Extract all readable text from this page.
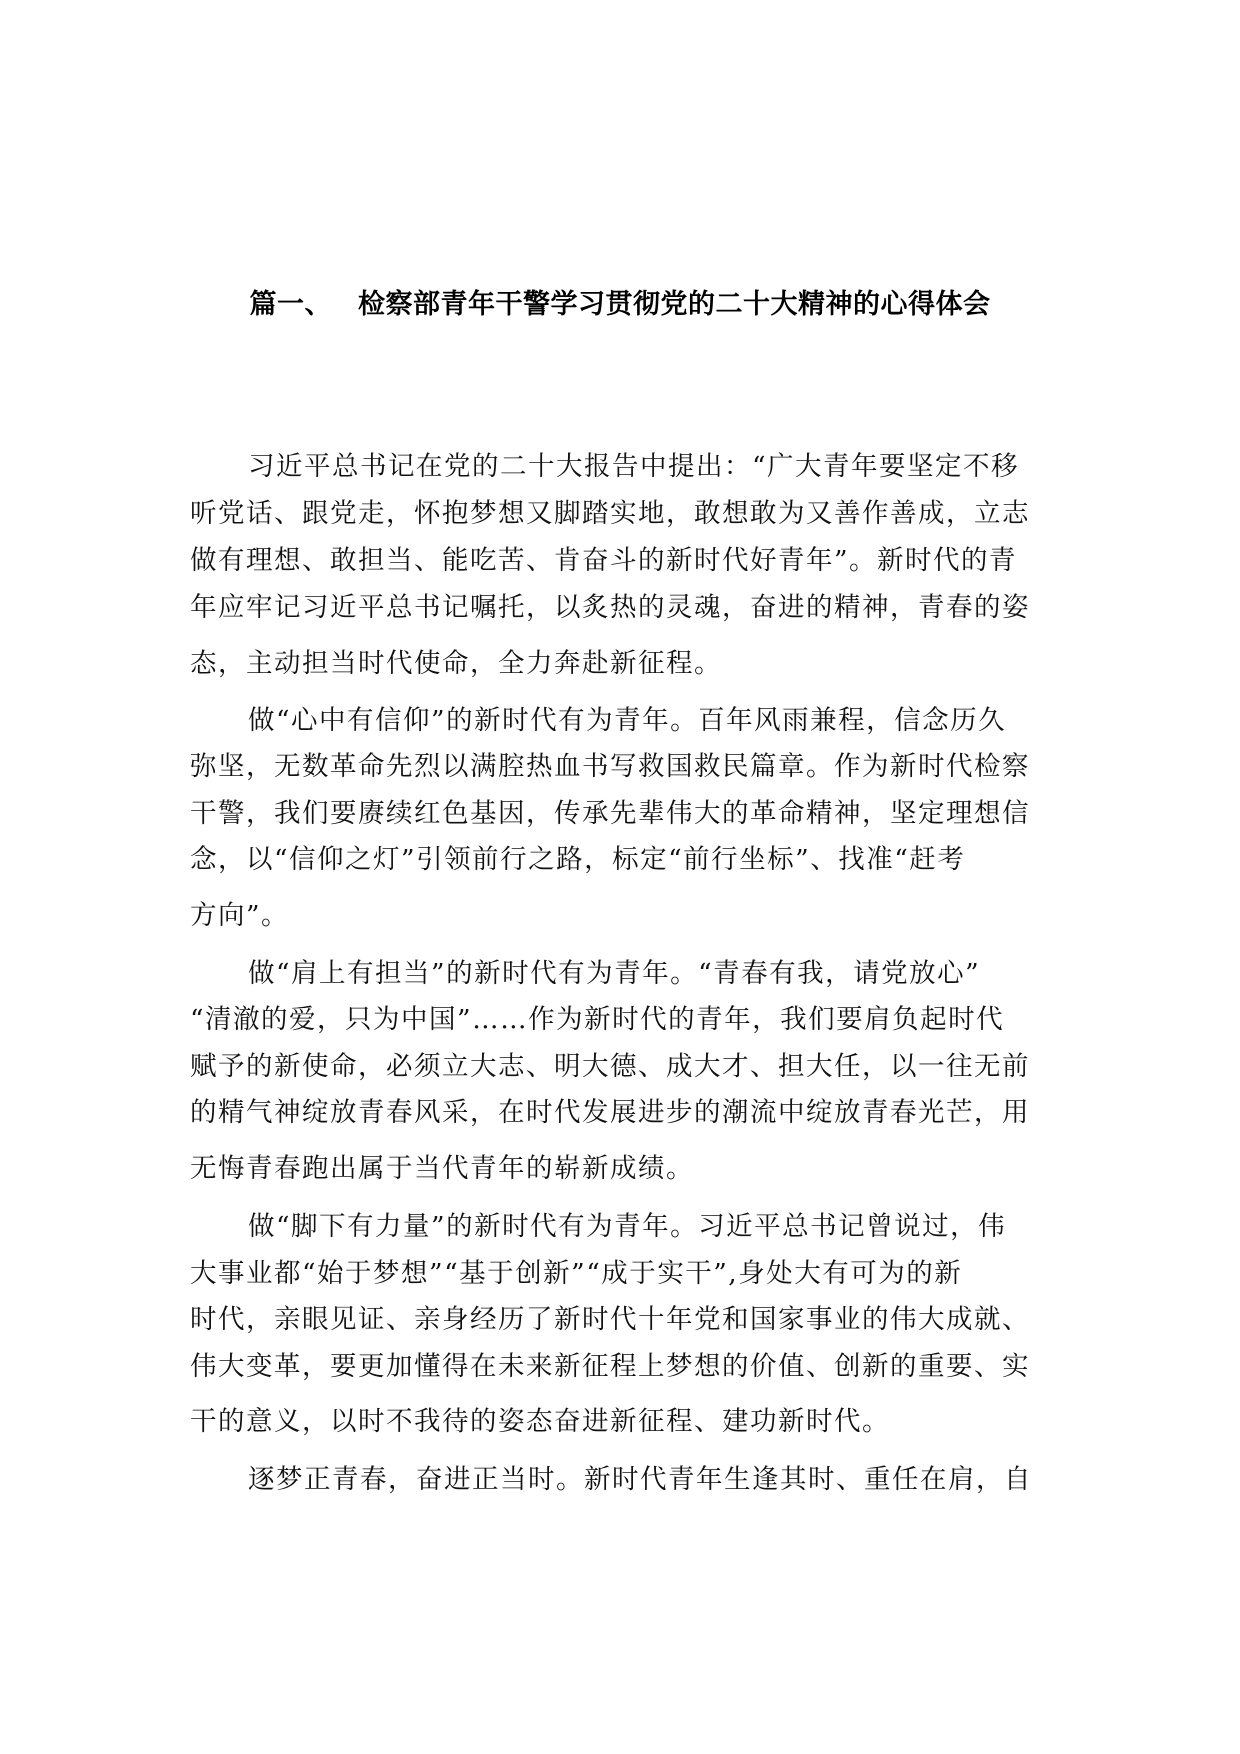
篇一、 检察部青年干警学习贯彻党的二十大精神的心得体会
习近平总书记在党的二十大报告中提出：“广大青年要坚定不移
听党话、跟党走，怀抱梦想又脚踏实地，敢想敢为又善作善成，立志
做有理想、敢担当、能吃苦、肯奋斗的新时代好青年”。新时代的青
年应牢记习近平总书记嘱托，以炙热的灵魂，奋进的精神，青春的姿
态，主动担当时代使命，全力奔赴新征程。
做“心中有信仰”的新时代有为青年。百年风雨兼程，信念历久
弥坚，无数革命先烈以满腔热血书写救国救民篇章。作为新时代检察
干警，我们要赓续红色基因，传承先辈伟大的革命精神，坚定理想信
念，以“信仰之灯”引领前行之路，标定“前行坐标”、找准“赶考
方向”。
做“肩上有担当”的新时代有为青年。“青春有我，请党放心”
“清澈的爱，只为中国”……作为新时代的青年，我们要肩负起时代
赋予的新使命，必须立大志、明大德、成大才、担大任，以一往无前
的精气神绽放青春风采，在时代发展进步的潮流中绽放青春光芒，用
无悔青春跑出属于当代青年的崭新成绩。
做“脚下有力量”的新时代有为青年。习近平总书记曾说过，伟
大事业都“始于梦想”“基于创新”“成于实干”,身处大有可为的新
时代，亲眼见证、亲身经历了新时代十年党和国家事业的伟大成就、
伟大变革，要更加懂得在未来新征程上梦想的价值、创新的重要、实
干的意义，以时不我待的姿态奋进新征程、建功新时代。
逐梦正青春，奋进正当时。新时代青年生逢其时、重任在肩，自
